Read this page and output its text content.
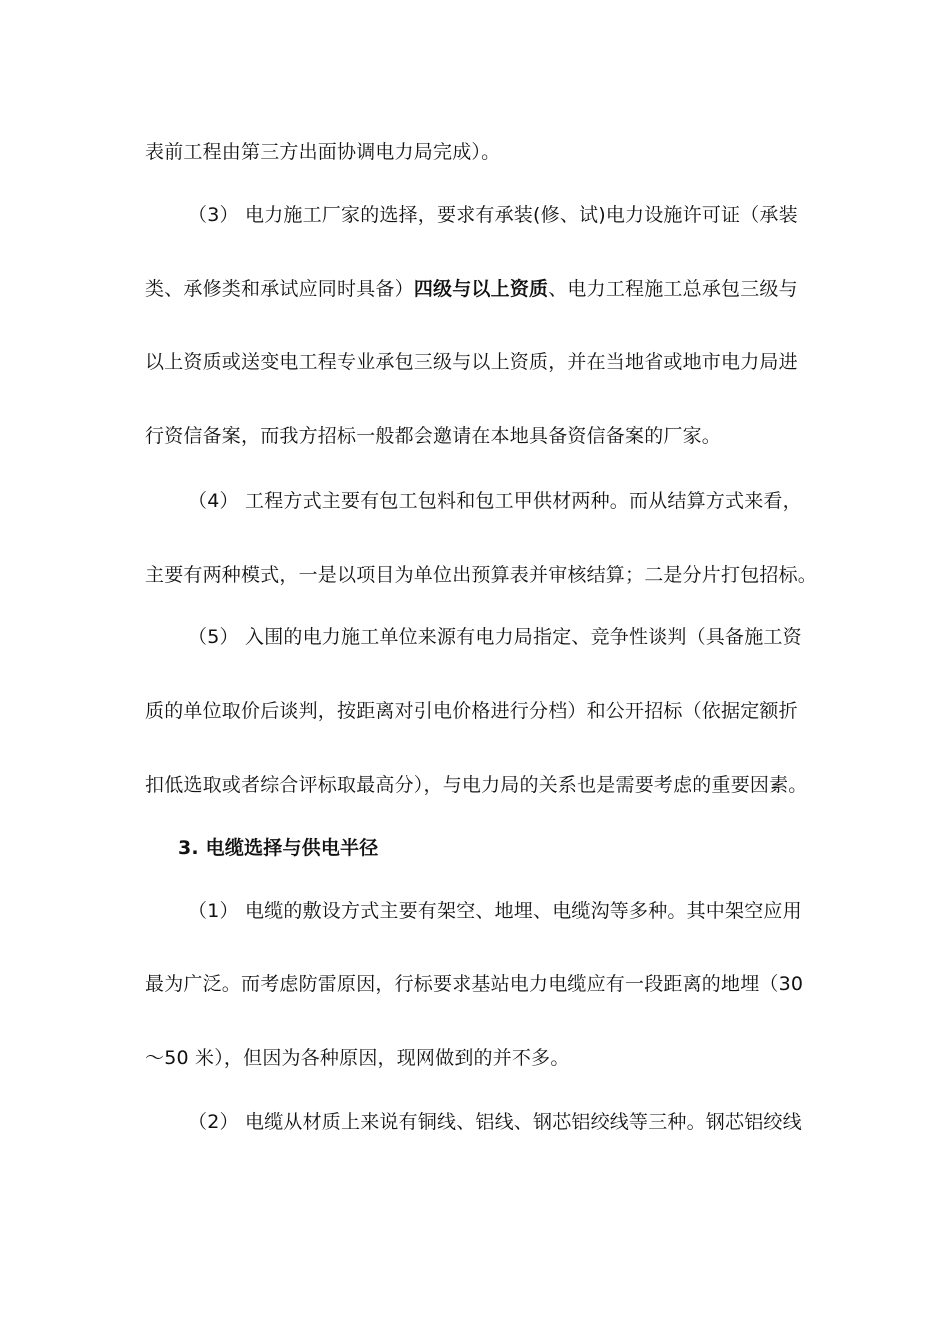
表前工程由第三方出面协调电力局完成）。
（3） 电力施工厂家的选择，要求有承装(修、试)电力设施许可证（承装
类、承修类和承试应同时具备）四级与以上资质、电力工程施工总承包三级与
以上资质或送变电工程专业承包三级与以上资质，并在当地省或地市电力局进
行资信备案，而我方招标一般都会邀请在本地具备资信备案的厂家。
（4） 工程方式主要有包工包料和包工甲供材两种。而从结算方式来看，
主要有两种模式，一是以项目为单位出预算表并审核结算；二是分片打包招标。
（5） 入围的电力施工单位来源有电力局指定、竞争性谈判（具备施工资
质的单位取价后谈判，按距离对引电价格进行分档）和公开招标（依据定额折
扣低选取或者综合评标取最高分），与电力局的关系也是需要考虑的重要因素。
3. 电缆选择与供电半径
（1） 电缆的敷设方式主要有架空、地埋、电缆沟等多种。其中架空应用
最为广泛。而考虑防雷原因，行标要求基站电力电缆应有一段距离的地埋（30
～50 米），但因为各种原因，现网做到的并不多。
（2） 电缆从材质上来说有铜线、铝线、钢芯铝绞线等三种。钢芯铝绞线
